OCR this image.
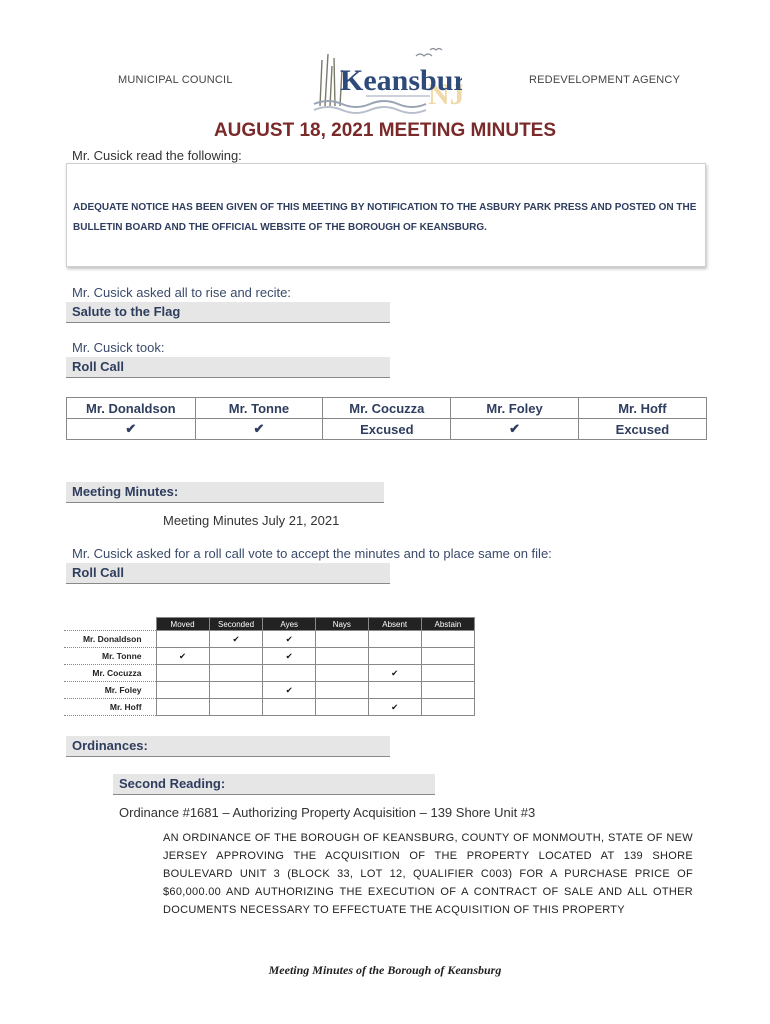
MUNICIPAL COUNCIL	REDEVELOPMENT AGENCY
NJ
Keansbur
AUGUST 18, 2021 MEETING MINUTES
Mr. Cusick read the following:
ADEQUATE NOTICE HAS BEEN GIVEN OF THIS MEETING BY NOTIFICATION TO THE ASBURY PARK PRESS AND POSTED ON THE BULLETIN BOARD AND THE OFFICIAL WEBSITE OF THE BOROUGH OF KEANSBURG.
Mr. Cusick asked all to rise and recite:
Salute to the Flag
Mr. Cusick took:
Roll Call
Mr. Donaldson	Mr. Tonne	Mr. Cocuzza	Mr. Foley	Mr. Hoff
✔	✔	Excused	✔	Excused
Meeting Minutes:
Meeting Minutes July 21, 2021
Mr. Cusick asked for a roll call vote to accept the minutes and to place same on file:
Roll Call
	Moved	Seconded	Ayes	Nays	Absent	Abstain
Mr. Donaldson		✔	✔			
Mr. Tonne	✔		✔			
Mr. Cocuzza					✔	
Mr. Foley			✔			
Mr. Hoff					✔	
Ordinances:
Second Reading:
Ordinance #1681 – Authorizing Property Acquisition – 139 Shore Unit #3
AN ORDINANCE OF THE BOROUGH OF KEANSBURG, COUNTY OF MONMOUTH, STATE OF NEW JERSEY APPROVING THE ACQUISITION OF THE PROPERTY LOCATED AT 139 SHORE BOULEVARD UNIT 3 (BLOCK 33, LOT 12, QUALIFIER C003) FOR A PURCHASE PRICE OF $60,000.00 AND AUTHORIZING THE EXECUTION OF A CONTRACT OF SALE AND ALL OTHER DOCUMENTS NECESSARY TO EFFECTUATE THE ACQUISITION OF THIS PROPERTY
Meeting Minutes of the Borough of Keansburg
